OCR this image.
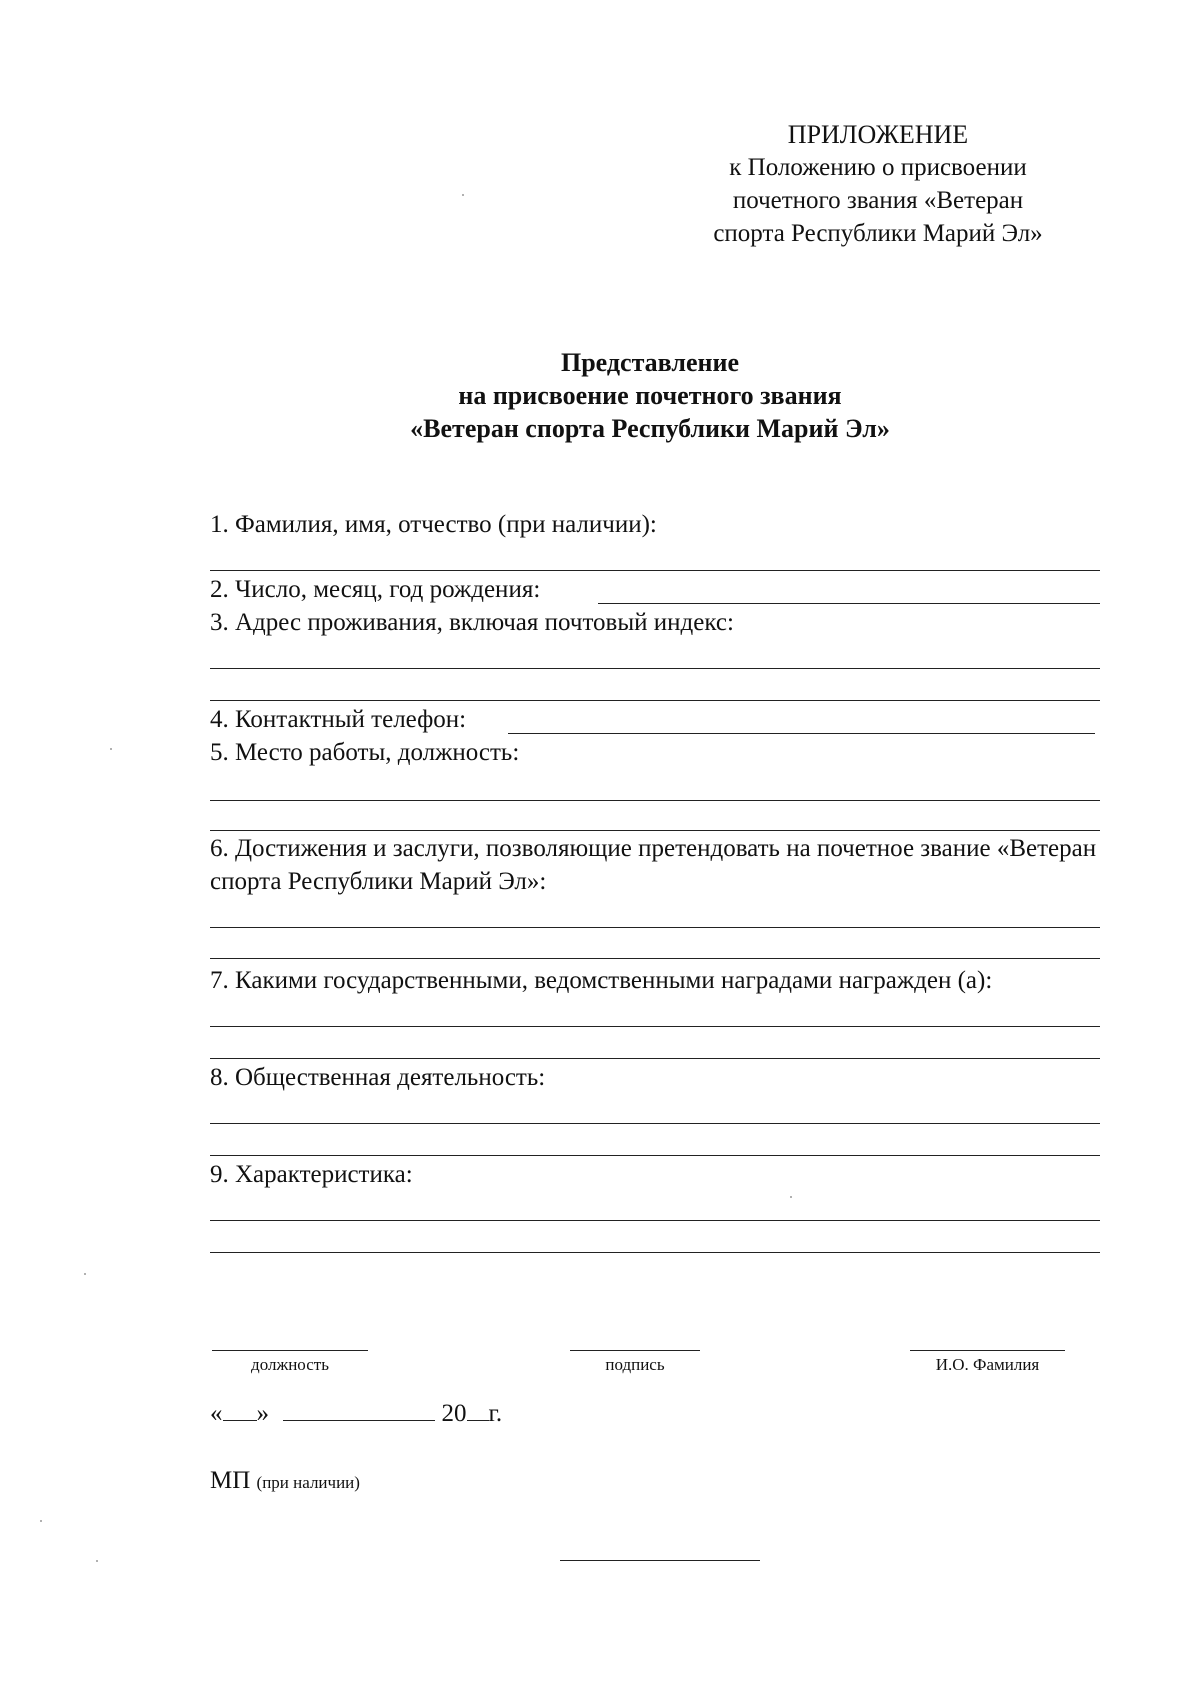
ПРИЛОЖЕНИЕ
к Положению о присвоении
почетного звания «Ветеран
спорта Республики Марий Эл»
Представление
на присвоение почетного звания
«Ветеран спорта Республики Марий Эл»
1. Фамилия, имя, отчество (при наличии):
2. Число, месяц, год рождения:
3. Адрес проживания, включая почтовый индекс:
4. Контактный телефон:
5. Место работы, должность:
6. Достижения и заслуги, позволяющие претендовать на почетное звание «Ветеран спорта Республики Марий Эл»:
7. Какими государственными, ведомственными наградами награжден (а):
8. Общественная деятельность:
9. Характеристика:
должность	подпись	И.О. Фамилия
« »	20 г.
МП (при наличии)
